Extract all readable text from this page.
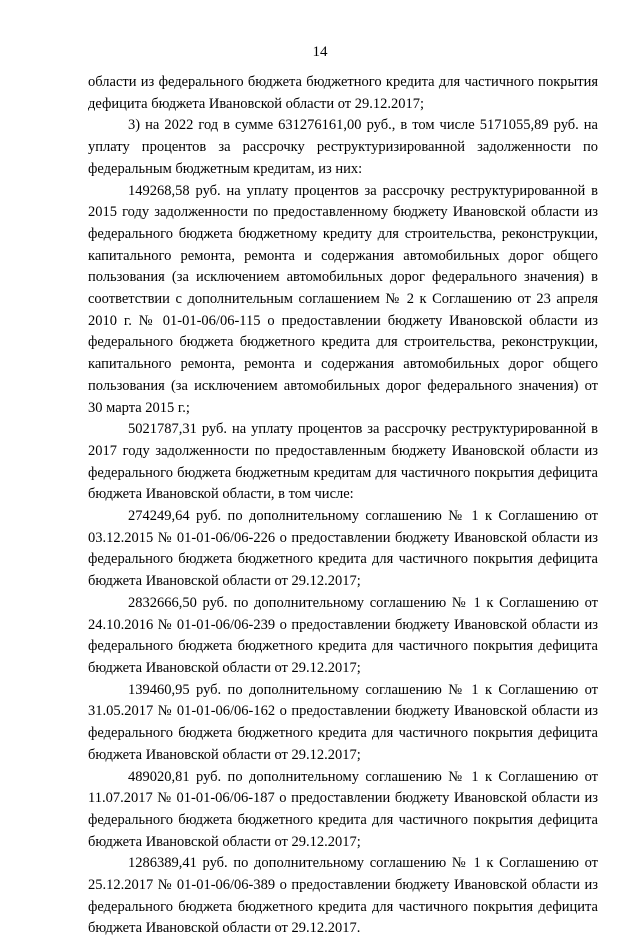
14

области из федерального бюджета бюджетного кредита для частичного покрытия дефицита бюджета Ивановской области от 29.12.2017;

3) на 2022 год в сумме 631276161,00 руб., в том числе 5171055,89 руб. на уплату процентов за рассрочку реструктуризированной задолженности по федеральным бюджетным кредитам, из них:

149268,58 руб. на уплату процентов за рассрочку реструктурированной в 2015 году задолженности по предоставленному бюджету Ивановской области из федерального бюджета бюджетному кредиту для строительства, реконструкции, капитального ремонта, ремонта и содержания автомобильных дорог общего пользования (за исключением автомобильных дорог федерального значения) в соответствии с дополнительным соглашением № 2 к Соглашению от 23 апреля 2010 г. № 01-01-06/06-115 о предоставлении бюджету Ивановской области из федерального бюджета бюджетного кредита для строительства, реконструкции, капитального ремонта, ремонта и содержания автомобильных дорог общего пользования (за исключением автомобильных дорог федерального значения) от 30 марта 2015 г.;

5021787,31 руб. на уплату процентов за рассрочку реструктурированной в 2017 году задолженности по предоставленным бюджету Ивановской области из федерального бюджета бюджетным кредитам для частичного покрытия дефицита бюджета Ивановской области, в том числе:

274249,64 руб. по дополнительному соглашению № 1 к Соглашению от 03.12.2015 № 01-01-06/06-226 о предоставлении бюджету Ивановской области из федерального бюджета бюджетного кредита для частичного покрытия дефицита бюджета Ивановской области от 29.12.2017;

2832666,50 руб. по дополнительному соглашению № 1 к Соглашению от 24.10.2016 № 01-01-06/06-239 о предоставлении бюджету Ивановской области из федерального бюджета бюджетного кредита для частичного покрытия дефицита бюджета Ивановской области от 29.12.2017;

139460,95 руб. по дополнительному соглашению № 1 к Соглашению от 31.05.2017 № 01-01-06/06-162 о предоставлении бюджету Ивановской области из федерального бюджета бюджетного кредита для частичного покрытия дефицита бюджета Ивановской области от 29.12.2017;

489020,81 руб. по дополнительному соглашению № 1 к Соглашению от 11.07.2017 № 01-01-06/06-187 о предоставлении бюджету Ивановской области из федерального бюджета бюджетного кредита для частичного покрытия дефицита бюджета Ивановской области от 29.12.2017;

1286389,41 руб. по дополнительному соглашению № 1 к Соглашению от 25.12.2017 № 01-01-06/06-389 о предоставлении бюджету Ивановской области из федерального бюджета бюджетного кредита для частичного покрытия дефицита бюджета Ивановской области от 29.12.2017.
